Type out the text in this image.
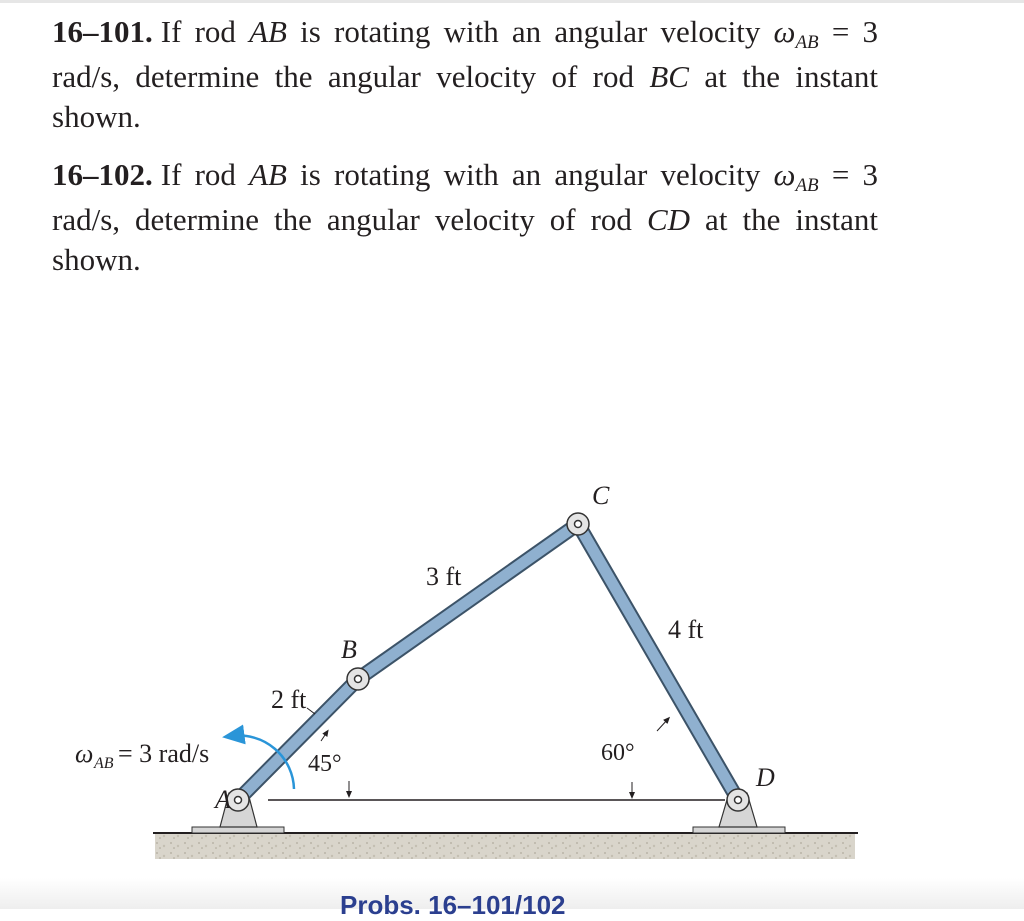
16–101. If rod AB is rotating with an angular velocity ωAB = 3 rad/s, determine the angular velocity of rod BC at the instant shown.

16–102. If rod AB is rotating with an angular velocity ωAB = 3 rad/s, determine the angular velocity of rod CD at the instant shown.

A
B
C
D
2 ft
3 ft
4 ft
45°	60°
ω AB = 3 rad/s
Probs. 16–101/102
